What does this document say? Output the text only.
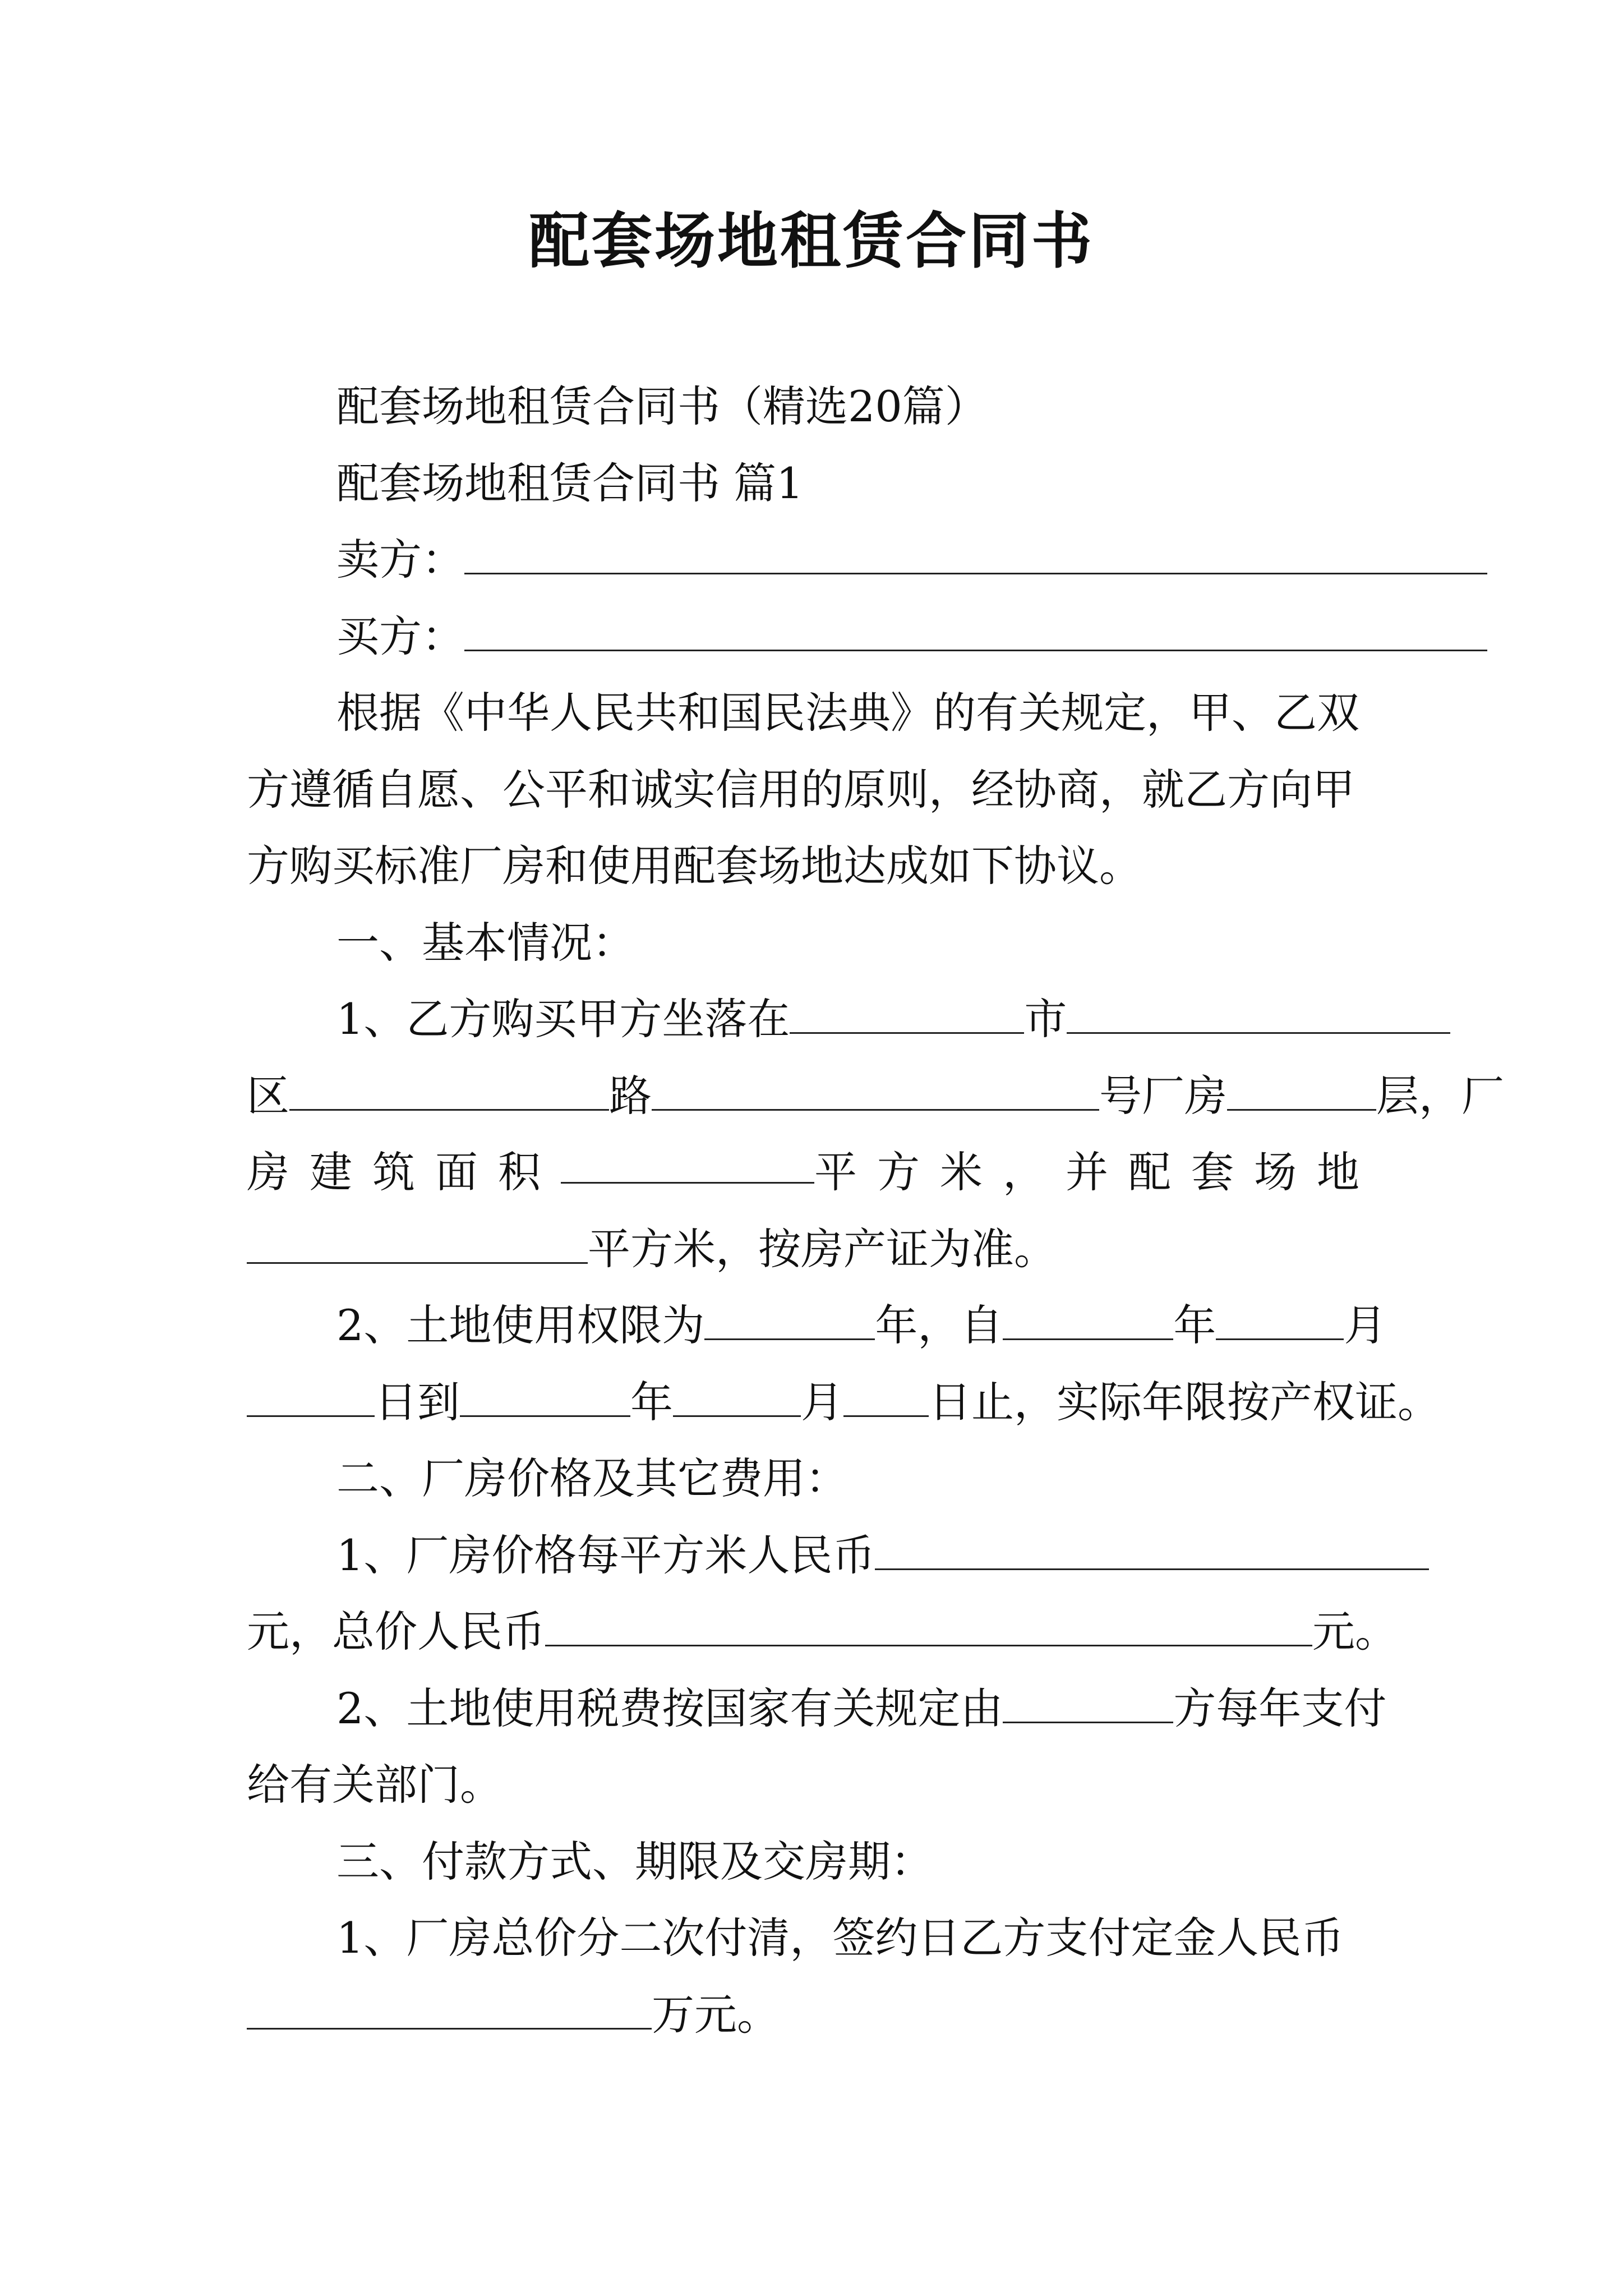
配套场地租赁合同书
配套场地租赁合同书（精选20篇）
配套场地租赁合同书 篇1
卖方：
买方：
根据《中华人民共和国民法典》的有关规定，甲、乙双
方遵循自愿、公平和诚实信用的原则，经协商，就乙方向甲
方购买标准厂房和使用配套场地达成如下协议。
一、基本情况：
1、乙方购买甲方坐落在	市
区	路	号厂房	层，厂
房建筑面积	平方米，并配套场地
平方米，按房产证为准。
2、土地使用权限为	年，自	年	月
日到	年	月 日止，实际年限按产权证。
二、厂房价格及其它费用：
1、厂房价格每平方米人民币
元，总价人民币	元。
2、土地使用税费按国家有关规定由	方每年支付
给有关部门。
三、付款方式、期限及交房期：
1、厂房总价分二次付清，签约日乙方支付定金人民币
万元。
